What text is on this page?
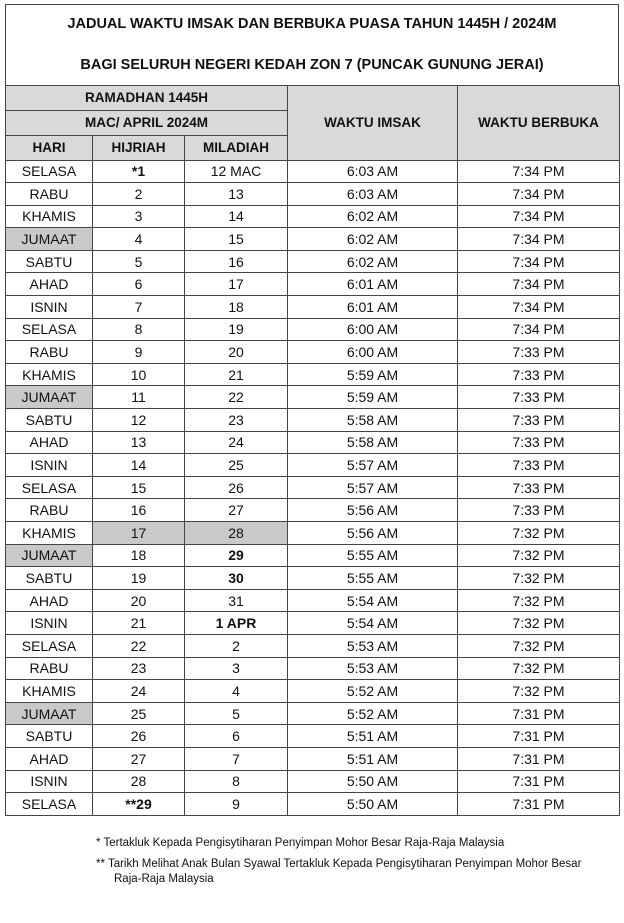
JADUAL WAKTU IMSAK DAN BERBUKA PUASA TAHUN 1445H / 2024M
BAGI SELURUH NEGERI KEDAH ZON 7 (PUNCAK GUNUNG JERAI)
RAMADHAN 1445H			WAKTU IMSAK	WAKTU BERBUKA
MAC/ APRIL 2024M				
HARI	HIJRIAH	MILADIAH		
SELASA	*1	12 MAC	6:03 AM	7:34 PM
RABU	2	13	6:03 AM	7:34 PM
KHAMIS	3	14	6:02 AM	7:34 PM
JUMAAT	4	15	6:02 AM	7:34 PM
SABTU	5	16	6:02 AM	7:34 PM
AHAD	6	17	6:01 AM	7:34 PM
ISNIN	7	18	6:01 AM	7:34 PM
SELASA	8	19	6:00 AM	7:34 PM
RABU	9	20	6:00 AM	7:33 PM
KHAMIS	10	21	5:59 AM	7:33 PM
JUMAAT	11	22	5:59 AM	7:33 PM
SABTU	12	23	5:58 AM	7:33 PM
AHAD	13	24	5:58 AM	7:33 PM
ISNIN	14	25	5:57 AM	7:33 PM
SELASA	15	26	5:57 AM	7:33 PM
RABU	16	27	5:56 AM	7:33 PM
KHAMIS	17	28	5:56 AM	7:32 PM
JUMAAT	18	29	5:55 AM	7:32 PM
SABTU	19	30	5:55 AM	7:32 PM
AHAD	20	31	5:54 AM	7:32 PM
ISNIN	21	1 APR	5:54 AM	7:32 PM
SELASA	22	2	5:53 AM	7:32 PM
RABU	23	3	5:53 AM	7:32 PM
KHAMIS	24	4	5:52 AM	7:32 PM
JUMAAT	25	5	5:52 AM	7:31 PM
SABTU	26	6	5:51 AM	7:31 PM
AHAD	27	7	5:51 AM	7:31 PM
ISNIN	28	8	5:50 AM	7:31 PM
SELASA	**29	9	5:50 AM	7:31 PM
* Tertakluk Kepada Pengisytiharan Penyimpan Mohor Besar Raja-Raja Malaysia
** Tarikh Melihat Anak Bulan Syawal Tertakluk Kepada Pengisytiharan Penyimpan Mohor Besar
Raja-Raja Malaysia
